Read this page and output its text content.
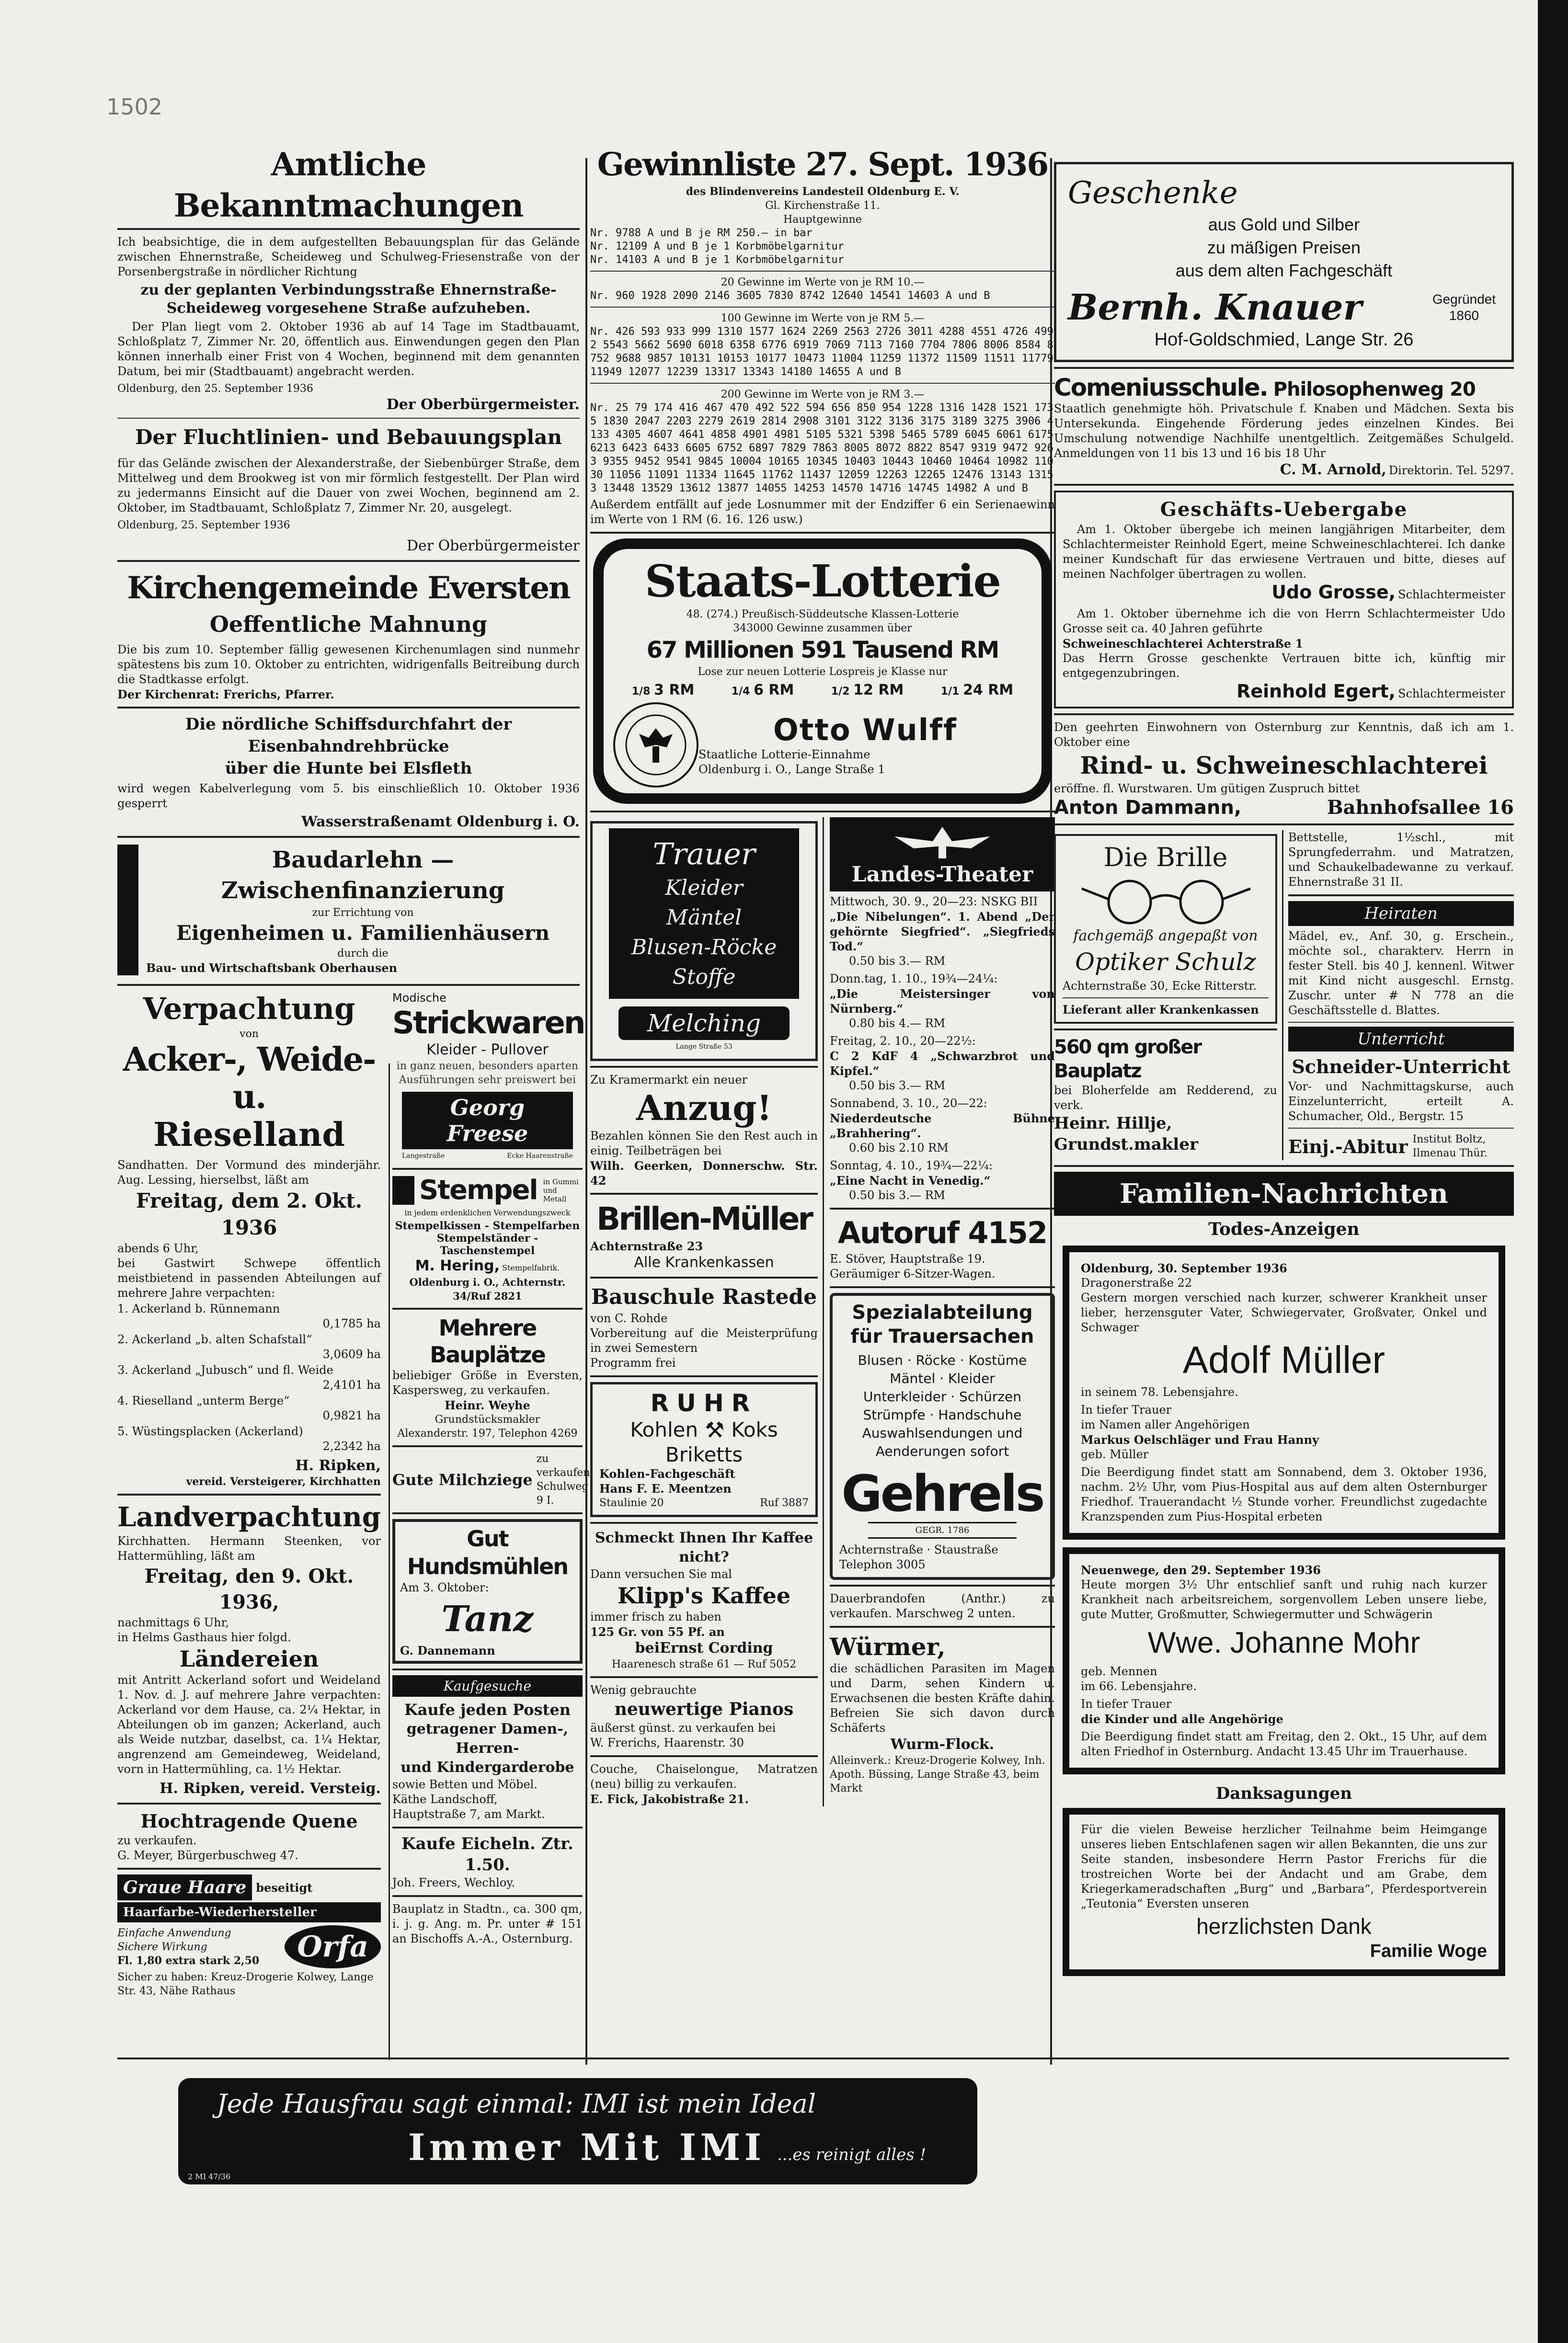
1502
Amtliche Bekanntmachungen

Ich beabsichtige, die in dem aufgestellten Bebauungsplan für das Gelände zwischen Ehnernstraße, Scheideweg und Schulweg-Friesenstraße von der Porsenbergstraße in nördlicher Richtung

zu der geplanten Verbindungsstraße Ehnernstraße-Scheideweg vorgesehene Straße aufzuheben.

Der Plan liegt vom 2. Oktober 1936 ab auf 14 Tage im Stadtbauamt, Schloßplatz 7, Zimmer Nr. 20, öffentlich aus. Einwendungen gegen den Plan können innerhalb einer Frist von 4 Wochen, beginnend mit dem genannten Datum, bei mir (Stadtbauamt) angebracht werden.

Oldenburg, den 25. September 1936

Der Oberbürgermeister.

Der Fluchtlinien- und Bebauungsplan

für das Gelände zwischen der Alexanderstraße, der Siebenbürger Straße, dem Mittelweg und dem Brookweg ist von mir förmlich festgestellt. Der Plan wird zu jedermanns Einsicht auf die Dauer von zwei Wochen, beginnend am 2. Oktober, im Stadtbauamt, Schloßplatz 7, Zimmer Nr. 20, ausgelegt.

Oldenburg, 25. September 1936

Der Oberbürgermeister

Kirchengemeinde Eversten
Oeffentliche Mahnung

Die bis zum 10. September fällig gewesenen Kirchenumlagen sind nunmehr spätestens bis zum 10. Oktober zu entrichten, widrigenfalls Beitreibung durch die Stadtkasse erfolgt.

Der Kirchenrat: Frerichs, Pfarrer.

Die nördliche Schiffsdurchfahrt der Eisenbahndrehbrücke
über die Hunte bei Elsfleth

wird wegen Kabelverlegung vom 5. bis einschließlich 10. Oktober 1936 gesperrt

Wasserstraßenamt Oldenburg i. O.

Baudarlehn — Zwischenfinanzierung
zur Errichtung von
Eigenheimen u. Familienhäusern
durch die
Bau- und Wirtschaftsbank Oberhausen
Verpachtung
von
Acker-, Weide- u.
Rieselland

Sandhatten. Der Vormund des minderjähr. Aug. Lessing, hierselbst, läßt am

Freitag, dem 2. Okt. 1936
abends 6 Uhr,

bei Gastwirt Schwepe öffentlich meistbietend in passenden Abteilungen auf mehrere Jahre verpachten:

1. Ackerland b. Rünnemann
0,1785 ha
2. Ackerland „b. alten Schafstall“
3,0609 ha
3. Ackerland „Jubusch“ und fl. Weide
2,4101 ha
4. Rieselland „unterm Berge“
0,9821 ha
5. Wüstingsplacken (Ackerland)
2,2342 ha
H. Ripken,
vereid. Versteigerer, Kirchhatten
Landverpachtung

Kirchhatten. Hermann Steenken, vor Hattermühling, läßt am

Freitag, den 9. Okt. 1936,
nachmittags 6 Uhr,
in Helms Gasthaus hier folgd.
Ländereien

mit Antritt Ackerland sofort und Weideland 1. Nov. d. J. auf mehrere Jahre verpachten: Ackerland vor dem Hause, ca. 2¼ Hektar, in Abteilungen ob im ganzen; Ackerland, auch als Weide nutzbar, daselbst, ca. 1¼ Hektar, angrenzend am Gemeindeweg, Weideland, vorn in Hattermühling, ca. 1½ Hektar.

H. Ripken, vereid. Versteig.
Hochtragende Quene
zu verkaufen.
G. Meyer, Bürgerbuschweg 47.
Graue Haare beseitigt
Haarfarbe-Wiederhersteller
Einfache Anwendung
Sichere Wirkung
Fl. 1,80 extra stark 2,50	Orfa
Sicher zu haben: Kreuz-Drogerie Kolwey, Lange Str. 43, Nähe Rathaus
Modische
Strickwaren
Kleider - Pullover

in ganz neuen, besonders aparten Ausführungen sehr preiswert bei

Georg Freese
Langestraße	Ecke Haarenstraße
Stempel in Gummi und Metall
in jedem erdenklichen Verwendungszweck
Stempelkissen - Stempelfarben Stempelständer - Taschenstempel
M. Hering, Stempelfabrik.
Oldenburg i. O., Achternstr. 34/Ruf 2821
Mehrere Bauplätze

beliebiger Größe in Eversten, Kaspersweg, zu verkaufen.

Heinr. Weyhe Grundstücksmakler
Alexanderstr. 197, Telephon 4269
Gute Milchziege
zu verkaufen Schulweg 9 I.
Gut Hundsmühlen
Am 3. Oktober:
Tanz
G. Dannemann
Kaufgesuche
Kaufe jeden Posten
getragener Damen-, Herren-
und Kindergarderobe
sowie Betten und Möbel.
Käthe Landschoff,
Hauptstraße 7, am Markt.
Kaufe Eicheln. Ztr. 1.50.
Joh. Freers, Wechloy.

Bauplatz in Stadtn., ca. 300 qm, i. j. g. Ang. m. Pr. unter # 151 an Bischoffs A.-A., Osternburg.

Gewinnliste 27. Sept. 1936
des Blindenvereins Landesteil Oldenburg E. V.
Gl. Kirchenstraße 11.
Hauptgewinne
Nr. 9788 A und B je RM 250.— in bar
Nr. 12109 A und B je 1 Korbmöbelgarnitur
Nr. 14103 A und B je 1 Korbmöbelgarnitur
20 Gewinne im Werte von je RM 10.—
Nr. 960 1928 2090 2146 3605 7830 8742 12640 14541 14603 A und B
100 Gewinne im Werte von je RM 5.—
Nr. 426 593 933 999 1310 1577 1624 2269 2563 2726 3011 4288 4551 4726 4992 5543 5662 5690 6018 6358 6776 6919 7069 7113 7160 7704 7806 8006 8584 8752 9688 9857 10131 10153 10177 10473 11004 11259 11372 11509 11511 11779 11949 12077 12239 13317 13343 14180 14655 A und B
200 Gewinne im Werte von je RM 3.—
Nr. 25 79 174 416 467 470 492 522 594 656 850 954 1228 1316 1428 1521 1735 1830 2047 2203 2279 2619 2814 2908 3101 3122 3136 3175 3189 3275 3906 4133 4305 4607 4641 4858 4901 4981 5105 5321 5398 5465 5789 6045 6061 6175 6213 6423 6433 6605 6752 6897 7829 7863 8005 8072 8822 8547 9319 9472 9263 9355 9452 9541 9845 10004 10165 10345 10403 10443 10460 10464 10982 11030 11056 11091 11334 11645 11762 11437 12059 12263 12265 12476 13143 13153 13448 13529 13612 13877 14055 14253 14570 14716 14745 14982 A und B

Außerdem entfällt auf jede Losnummer mit der Endziffer 6 ein Serienaewinn im Werte von 1 RM (6. 16. 126 usw.)

Staats-Lotterie
48. (274.) Preußisch-Süddeutsche Klassen-Lotterie
343000 Gewinne zusammen über
67 Millionen 591 Tausend RM
Lose zur neuen Lotterie Lospreis je Klasse nur
1/8 3 RM	1/4 6 RM	1/2 12 RM	1/1 24 RM
Otto Wulff
Staatliche Lotterie-Einnahme
Oldenburg i. O., Lange Straße 1
Trauer
Kleider
Mäntel
Blusen-Röcke
Stoffe
Melching
Lange Straße 53
Zu Kramermarkt ein neuer
Anzug!

Bezahlen können Sie den Rest auch in einig. Teilbeträgen bei

Wilh. Geerken, Donnerschw. Str. 42
Brillen-Müller
Achternstraße 23
Alle Krankenkassen
Bauschule Rastede
von C. Rohde

Vorbereitung auf die Meisterprüfung in zwei Semestern

Programm frei
RUHR
Kohlen ⚒ Koks
Briketts
Kohlen-Fachgeschäft
Hans F. E. Meentzen
Staulinie 20	Ruf 3887
Schmeckt Ihnen Ihr Kaffee nicht?
Dann versuchen Sie mal
Klipp's Kaffee
immer frisch zu haben
125 Gr. von 55 Pf. an
beiErnst Cording
Haarenesch straße 61 — Ruf 5052
Wenig gebrauchte
neuwertige Pianos
äußerst günst. zu verkaufen bei
W. Frerichs, Haarenstr. 30

Couche, Chaiselongue, Matratzen (neu) billig zu verkaufen.

E. Fick, Jakobistraße 21.
Landes-Theater
Mittwoch, 30. 9., 20—23: NSKG BII
„Die Nibelungen“. 1. Abend „Der gehörnte Siegfried“. „Siegfrieds Tod.“
0.50 bis 3.— RM
Donn.tag, 1. 10., 19¾—24¼:
„Die Meistersinger von Nürnberg.“
0.80 bis 4.— RM
Freitag, 2. 10., 20—22½:
C 2 KdF 4 „Schwarzbrot und Kipfel.“
0.50 bis 3.— RM
Sonnabend, 3. 10., 20—22:
Niederdeutsche Bühne „Brahhering“.
0.60 bis 2.10 RM
Sonntag, 4. 10., 19¾—22¼:
„Eine Nacht in Venedig.“
0.50 bis 3.— RM
Autoruf 4152
E. Stöver, Hauptstraße 19.
Geräumiger 6-Sitzer-Wagen.
Spezialabteilung
für Trauersachen
Blusen · Röcke · Kostüme
Mäntel · Kleider
Unterkleider · Schürzen
Strümpfe · Handschuhe
Auswahlsendungen und Aenderungen sofort
Gehrels
GEGR. 1786
Achternstraße · Staustraße
Telephon 3005

Dauerbrandofen (Anthr.) zu verkaufen. Marschweg 2 unten.

Würmer,

die schädlichen Parasiten im Magen und Darm, sehen Kindern u. Erwachsenen die besten Kräfte dahin. Befreien Sie sich davon durch Schäferts

Wurm-Flock.

Alleinverk.: Kreuz-Drogerie Kolwey, Inh. Apoth. Büssing, Lange Straße 43, beim Markt

Geschenke
aus Gold und Silber
zu mäßigen Preisen
aus dem alten Fachgeschäft
Bernh. Knauer	Gegründet 1860
Hof-Goldschmied, Lange Str. 26
Comeniusschule. Philosophenweg 20

Staatlich genehmigte höh. Privatschule f. Knaben und Mädchen. Sexta bis Untersekunda. Eingehende Förderung jedes einzelnen Kindes. Bei Umschulung notwendige Nachhilfe unentgeltlich. Zeitgemäßes Schulgeld. Anmeldungen von 11 bis 13 und 16 bis 18 Uhr

C. M. Arnold, Direktorin. Tel. 5297.
Geschäfts-Uebergabe

Am 1. Oktober übergebe ich meinen langjährigen Mitarbeiter, dem Schlachtermeister Reinhold Egert, meine Schweineschlachterei. Ich danke meiner Kundschaft für das erwiesene Vertrauen und bitte, dieses auf meinen Nachfolger übertragen zu wollen.

Udo Grosse, Schlachtermeister

Am 1. Oktober übernehme ich die von Herrn Schlachtermeister Udo Grosse seit ca. 40 Jahren geführte

Schweineschlachterei Achterstraße 1

Das Herrn Grosse geschenkte Vertrauen bitte ich, künftig mir entgegenzubringen.

Reinhold Egert, Schlachtermeister

Den geehrten Einwohnern von Osternburg zur Kenntnis, daß ich am 1. Oktober eine

Rind- u. Schweineschlachterei

eröffne. fl. Wurstwaren. Um gütigen Zuspruch bittet

Anton Dammann,	Bahnhofsallee 16
Die Brille
fachgemäß angepaßt von
Optiker Schulz
Achternstraße 30, Ecke Ritterstr.
Lieferant aller Krankenkassen
560 qm großer Bauplatz
bei Bloherfelde am Redderend, zu verk.
Heinr. Hillje, Grundst.makler

Bettstelle, 1½schl., mit Sprungfederrahm. und Matratzen, und Schaukelbadewanne zu verkauf. Ehnernstraße 31 II.

Heiraten

Mädel, ev., Anf. 30, g. Erschein., möchte sol., charakterv. Herrn in fester Stell. bis 40 J. kennenl. Witwer mit Kind nicht ausgeschl. Ernstg. Zuschr. unter # N 778 an die Geschäftsstelle d. Blattes.

Unterricht
Schneider-Unterricht

Vor- und Nachmittagskurse, auch Einzelunterricht, erteilt A. Schumacher, Old., Bergstr. 15

Einj.-Abitur Institut Boltz, Ilmenau Thür.
Familien-Nachrichten
Todes-Anzeigen
Oldenburg, 30. September 1936
Dragonerstraße 22

Gestern morgen verschied nach kurzer, schwerer Krankheit unser lieber, herzensguter Vater, Schwiegervater, Großvater, Onkel und Schwager

Adolf Müller
in seinem 78. Lebensjahre.
In tiefer Trauer
im Namen aller Angehörigen
Markus Oelschläger und Frau Hanny
geb. Müller

Die Beerdigung findet statt am Sonnabend, dem 3. Oktober 1936, nachm. 2½ Uhr, vom Pius-Hospital aus auf dem alten Osternburger Friedhof. Trauerandacht ½ Stunde vorher. Freundlichst zugedachte Kranzspenden zum Pius-Hospital erbeten

Neuenwege, den 29. September 1936

Heute morgen 3½ Uhr entschlief sanft und ruhig nach kurzer Krankheit nach arbeitsreichem, sorgenvollem Leben unsere liebe, gute Mutter, Großmutter, Schwiegermutter und Schwägerin

Wwe. Johanne Mohr
geb. Mennen
im 66. Lebensjahre.
In tiefer Trauer
die Kinder und alle Angehörige

Die Beerdigung findet statt am Freitag, den 2. Okt., 15 Uhr, auf dem alten Friedhof in Osternburg. Andacht 13.45 Uhr im Trauerhause.

Danksagungen

Für die vielen Beweise herzlicher Teilnahme beim Heimgange unseres lieben Entschlafenen sagen wir allen Bekannten, die uns zur Seite standen, insbesondere Herrn Pastor Frerichs für die trostreichen Worte bei der Andacht und am Grabe, dem Kriegerkameradschaften „Burg“ und „Barbara“, Pferdesportverein „Teutonia“ Eversten unseren

herzlichsten Dank
Familie Woge
Jede Hausfrau sagt einmal: IMI ist mein Ideal
Immer Mit IMI ...es reinigt alles !
2 MI 47/36
